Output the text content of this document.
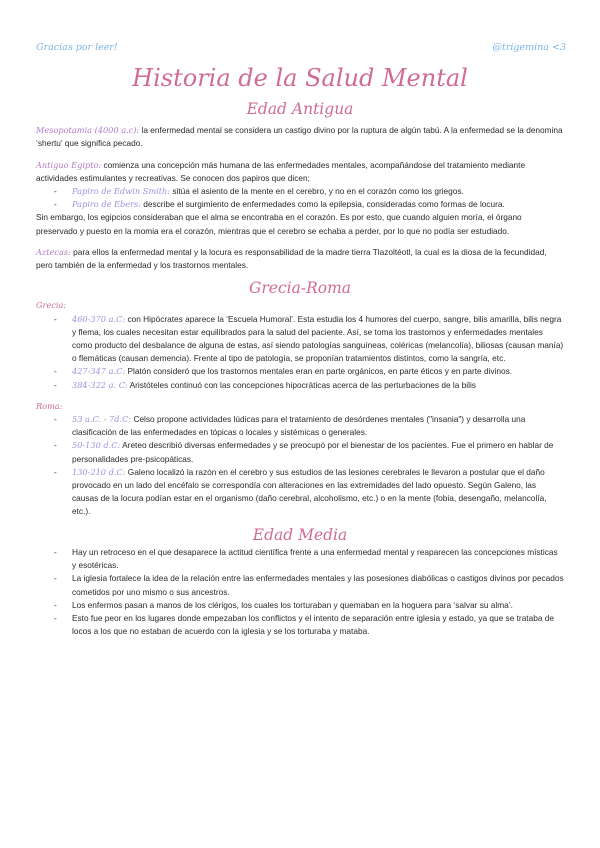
Gracias por leer!	@trigemina <3
Historia de la Salud Mental
Edad Antigua

Mesopotamia (4000 a.c): la enfermedad mental se considera un castigo divino por la ruptura de algún tabú. A la enfermedad se la denomina ‘shertu’ que significa pecado.

Antiguo Egipto: comienza una concepción más humana de las enfermedades mentales, acompañándose del tratamiento mediante actividades estimulantes y recreativas. Se conocen dos papiros que dicen;

- Papiro de Edwin Smith: sitúa el asiento de la mente en el cerebro, y no en el corazón como los griegos.
- Papiro de Ebers: describe el surgimiento de enfermedades como la epilepsia, consideradas como formas de locura.

Sin embargo, los egipcios consideraban que el alma se encontraba en el corazón. Es por esto, que cuando alguien moría, el órgano preservado y puesto en la momia era el corazón, mientras que el cerebro se echaba a perder, por lo que no podía ser estudiado.

Aztecas: para ellos la enfermedad mental y la locura es responsabilidad de la madre tierra Tlazoltéotl, la cual es la diosa de la fecundidad, pero también de la enfermedad y los trastornos mentales.

Grecia-Roma

Grecia:

- 460-370 a.C: con Hipócrates aparece la ‘Escuela Humoral’. Esta estudia los 4 humores del cuerpo, sangre, bilis amarilla, bilis negra y flema, los cuales necesitan estar equilibrados para la salud del paciente. Así, se toma los trastornos y enfermedades mentales como producto del desbalance de alguna de estas, así siendo patologías sanguíneas, coléricas (melancolía), biliosas (causan manía) o flemáticas (causan demencia). Frente al tipo de patología, se proponían tratamientos distintos, como la sangría, etc.
- 427-347 a.C: Platón consideró que los trastornos mentales eran en parte orgánicos, en parte éticos y en parte divinos.
- 384-322 a. C: Aristóteles continuó con las concepciones hipocráticas acerca de las perturbaciones de la bilis

Roma:

- 53 a.C. - 7d.C: Celso propone actividades lúdicas para el tratamiento de desórdenes mentales ("insania") y desarrolla una clasificación de las enfermedades en tópicas o locales y sistémicas o generales.
- 50-130 d.C: Areteo describió diversas enfermedades y se preocupó por el bienestar de los pacientes. Fue el primero en hablar de personalidades pre-psicopáticas.
- 130-210 d.C: Galeno localizó la razón en el cerebro y sus estudios de las lesiones cerebrales le llevaron a postular que el daño provocado en un lado del encéfalo se correspondía con alteraciones en las extremidades del lado opuesto. Según Galeno, las causas de la locura podían estar en el organismo (daño cerebral, alcoholismo, etc.) o en la mente (fobia, desengaño, melancolía, etc.).
Edad Media
- Hay un retroceso en el que desaparece la actitud científica frente a una enfermedad mental y reaparecen las concepciones místicas y esotéricas.
- La iglesia fortalece la idea de la relación entre las enfermedades mentales y las posesiones diabólicas o castigos divinos por pecados cometidos por uno mismo o sus ancestros.
- Los enfermos pasan a manos de los clérigos, los cuales los torturaban y quemaban en la hoguera para ‘salvar su alma’.
- Esto fue peor en los lugares donde empezaban los conflictos y el intento de separación entre iglesia y estado, ya que se trataba de locos a los que no estaban de acuerdo con la iglesia y se los torturaba y mataba.
